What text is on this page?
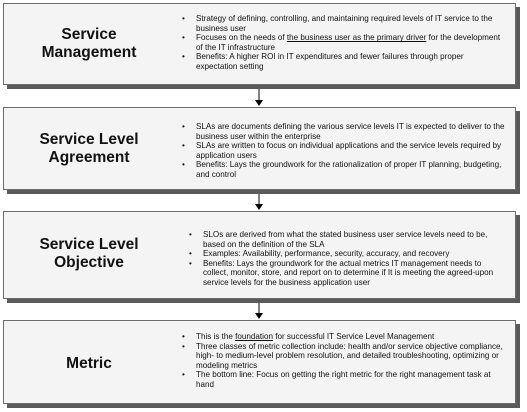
Service
Management
• Strategy of defining, controlling, and maintaining required levels of IT service to the business user
• Focuses on the needs of the business user as the primary driver for the development of the IT infrastructure
• Benefits: A higher ROI in IT expenditures and fewer failures through proper expectation setting
Service Level
Agreement
• SLAs are documents defining the various service levels IT is expected to deliver to the business user within the enterprise
• SLAs are written to focus on individual applications and the service levels required by application users
• Benefits: Lays the groundwork for the rationalization of proper IT planning, budgeting, and control
Service Level
Objective
• SLOs are derived from what the stated business user service levels need to be, based on the definition of the SLA
• Examples: Availability, performance, security, accuracy, and recovery
• Benefits: Lays the groundwork for the actual metrics IT management needs to collect, monitor, store, and report on to determine if It is meeting the agreed-upon service levels for the business application user
Metric
• This is the foundation for successful IT Service Level Management
• Three classes of metric collection include: health and/or service objective compliance, high- to medium-level problem resolution, and detailed troubleshooting, optimizing or modeling metrics
• The bottom line: Focus on getting the right metric for the right management task at hand
